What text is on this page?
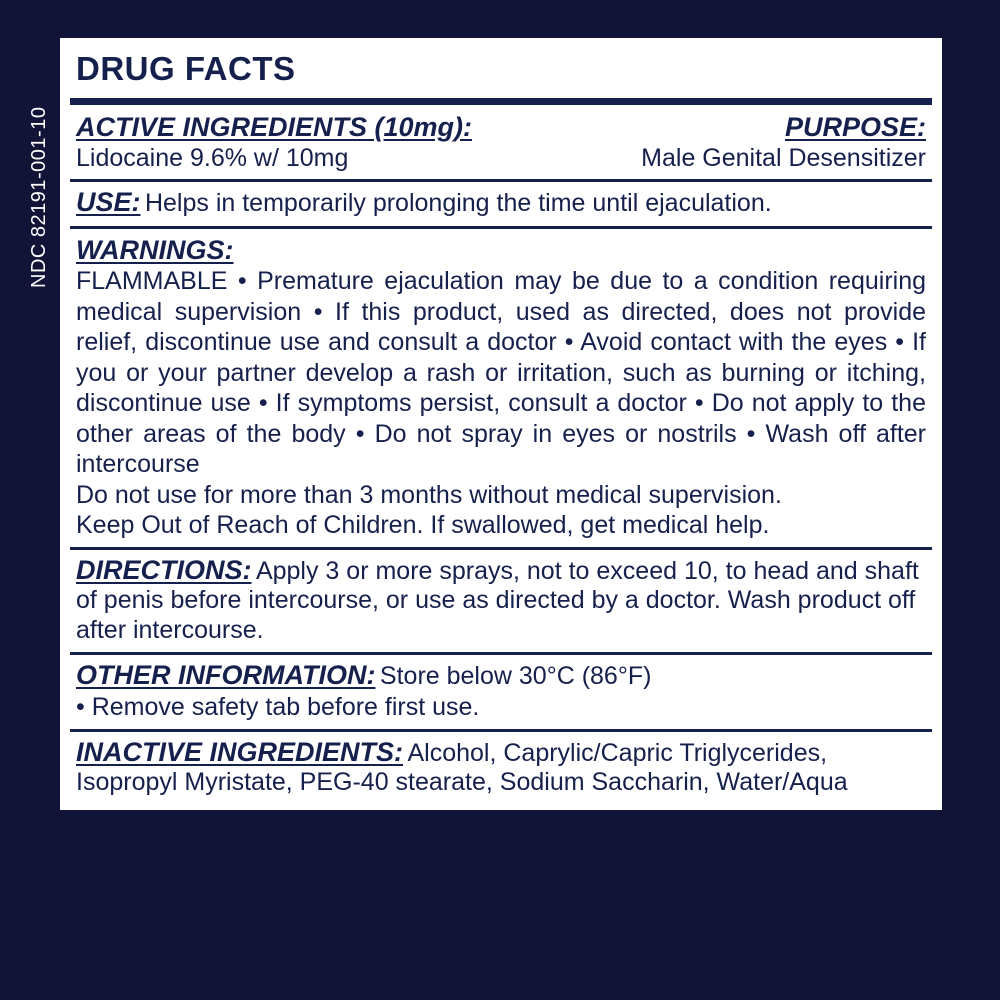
NDC 82191-001-10
DRUG FACTS
ACTIVE INGREDIENTS (10mg):
Lidocaine 9.6% w/ 10mg
PURPOSE:
Male Genital Desensitizer
USE: Helps in temporarily prolonging the time until ejaculation.
WARNINGS:
FLAMMABLE • Premature ejaculation may be due to a condition requiring medical supervision • If this product, used as directed, does not provide relief, discontinue use and consult a doctor • Avoid contact with the eyes • If you or your partner develop a rash or irritation, such as burning or itching, discontinue use • If symptoms persist, consult a doctor • Do not apply to the other areas of the body • Do not spray in eyes or nostrils • Wash off after intercourse
Do not use for more than 3 months without medical supervision.
Keep Out of Reach of Children. If swallowed, get medical help.
DIRECTIONS: Apply 3 or more sprays, not to exceed 10, to head and shaft of penis before intercourse, or use as directed by a doctor. Wash product off after intercourse.
OTHER INFORMATION: Store below 30°C (86°F)
• Remove safety tab before first use.
INACTIVE INGREDIENTS: Alcohol, Caprylic/Capric Triglycerides, Isopropyl Myristate, PEG-40 stearate, Sodium Saccharin, Water/Aqua
